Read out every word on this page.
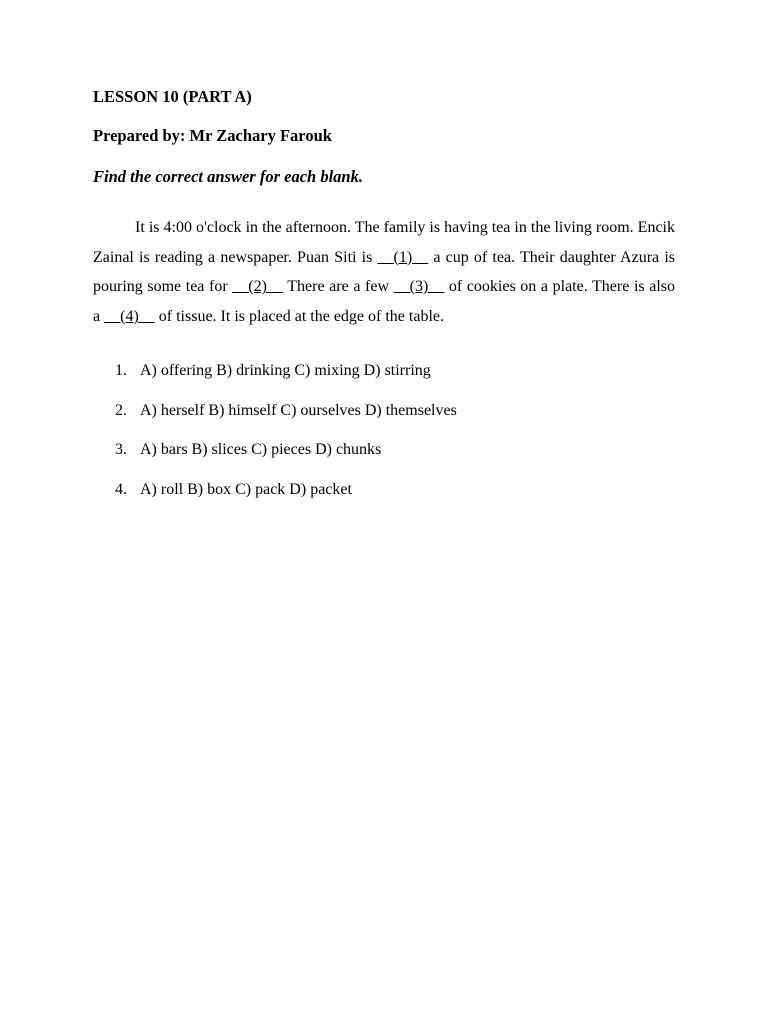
LESSON 10 (PART A)

Prepared by: Mr Zachary Farouk

Find the correct answer for each blank.

It is 4:00 o'clock in the afternoon. The family is having tea in the living room. Encik Zainal is reading a newspaper. Puan Siti is __(1)__ a cup of tea. Their daughter Azura is pouring some tea for __(2)__ There are a few __(3)__ of cookies on a plate. There is also a __(4)__ of tissue. It is placed at the edge of the table.

1. A) offering B) drinking C) mixing D) stirring
2. A) herself B) himself C) ourselves D) themselves
3. A) bars B) slices C) pieces D) chunks
4. A) roll B) box C) pack D) packet
